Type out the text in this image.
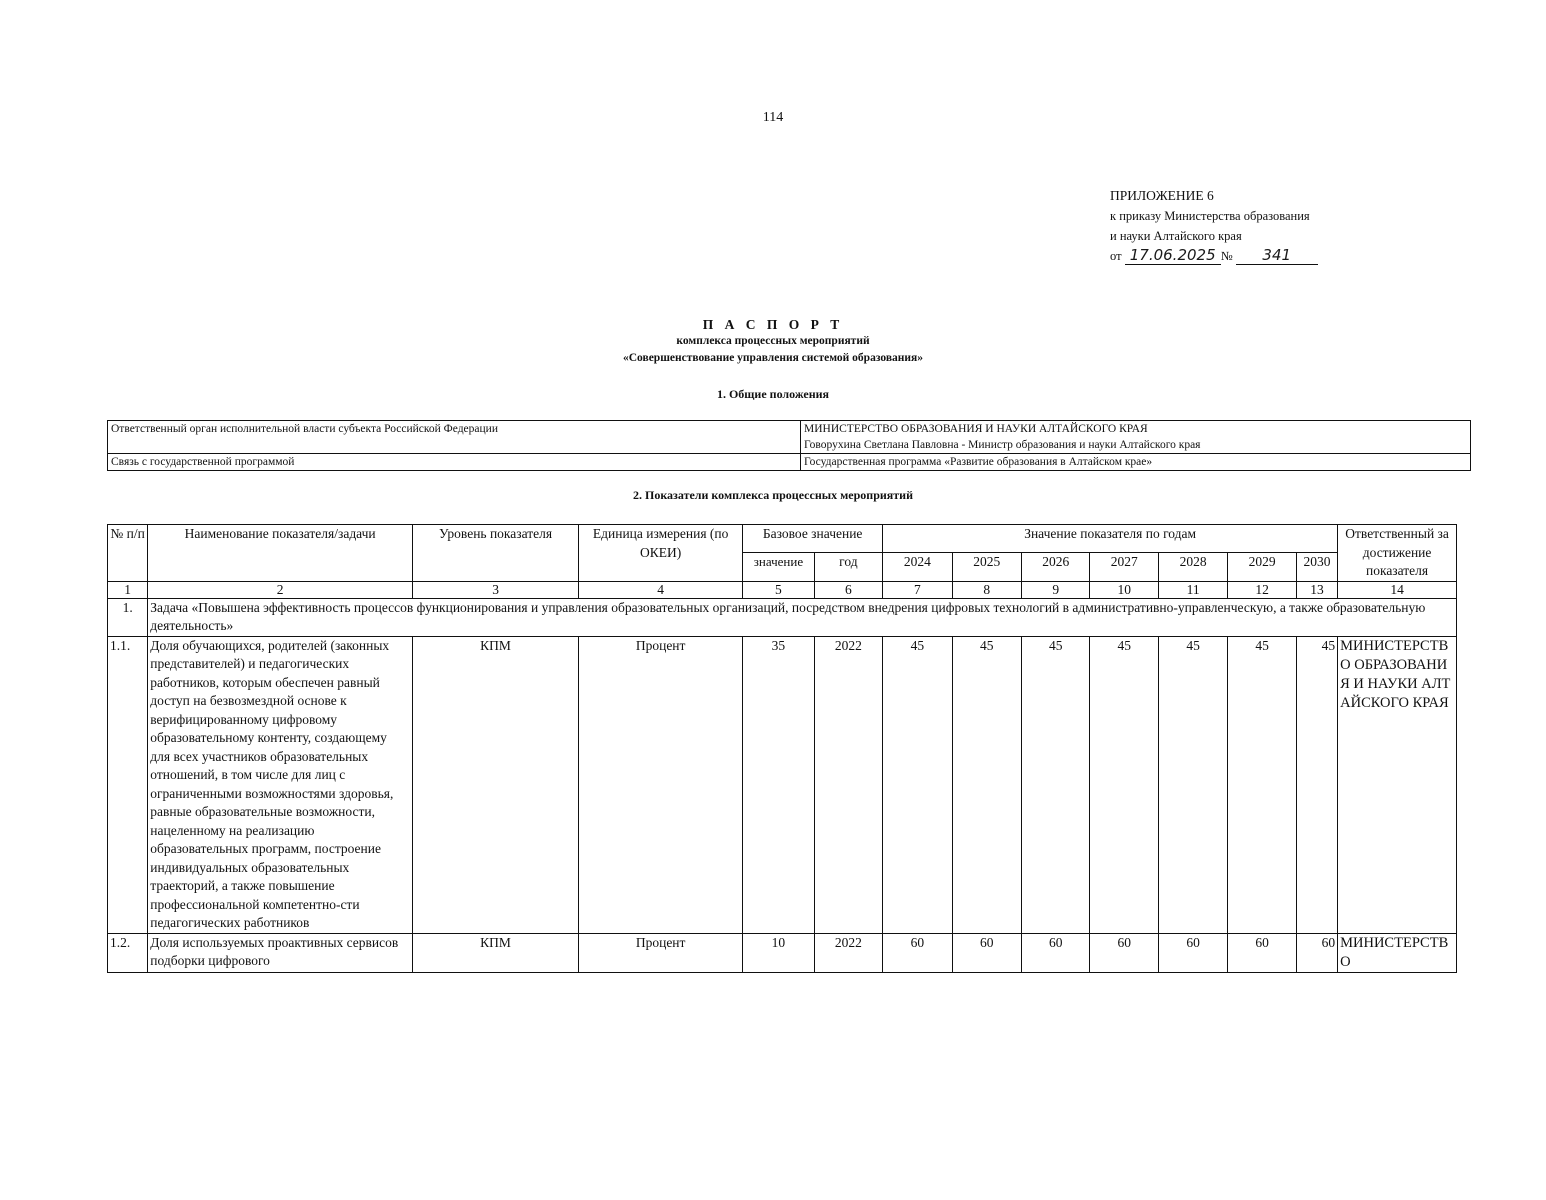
114
ПРИЛОЖЕНИЕ 6
к приказу Министерства образования
и науки Алтайского края
от 17.06.2025 № 341
П А С П О Р Т
комплекса процессных мероприятий
«Совершенствование управления системой образования»
1. Общие положения
Ответственный орган исполнительной власти субъекта Российской Федерации	МИНИСТЕРСТВО ОБРАЗОВАНИЯ И НАУКИ АЛТАЙСКОГО КРАЯ
Говорухина Светлана Павловна - Министр образования и науки Алтайского края

Связь с государственной программой	Государственная программа «Развитие образования в Алтайском крае»
2. Показатели комплекса процессных мероприятий
№ п/п	Наименование показателя/задачи	Уровень показателя	Единица измерения (по ОКЕИ)	Базовое значение		Значение показателя по годам							Ответственный за достижение показателя
				значение	год	2024	2025	2026	2027	2028	2029	2030	
1	2	3	4	5	6	7	8	9	10	11	12	13	14
1.	Задача «Повышена эффективность процессов функционирования и управления образовательных организаций, посредством внедрения цифровых технологий в административно-управленческую, а также образовательную деятельность»												
1.1.	Доля обучающихся, родителей (законных представителей) и педагогических работников, которым обеспечен равный доступ на безвозмездной основе к верифицированному цифровому образовательному контенту, создающему для всех участников образовательных отношений, в том числе для лиц с ограниченными возможностями здоровья, равные образовательные возможности, нацеленному на реализацию образовательных программ, построение индивидуальных образовательных траекторий, а также повышение профессиональной компетентно-сти педагогических работников	КПМ	Процент	35	2022	45	45	45	45	45	45	45	МИНИСТЕРСТВО ОБРАЗОВАНИЯ И НАУКИ АЛТАЙСКОГО КРАЯ
1.2.	Доля используемых проактивных сервисов подборки цифрового	КПМ	Процент	10	2022	60	60	60	60	60	60	60	МИНИСТЕРСТВО
